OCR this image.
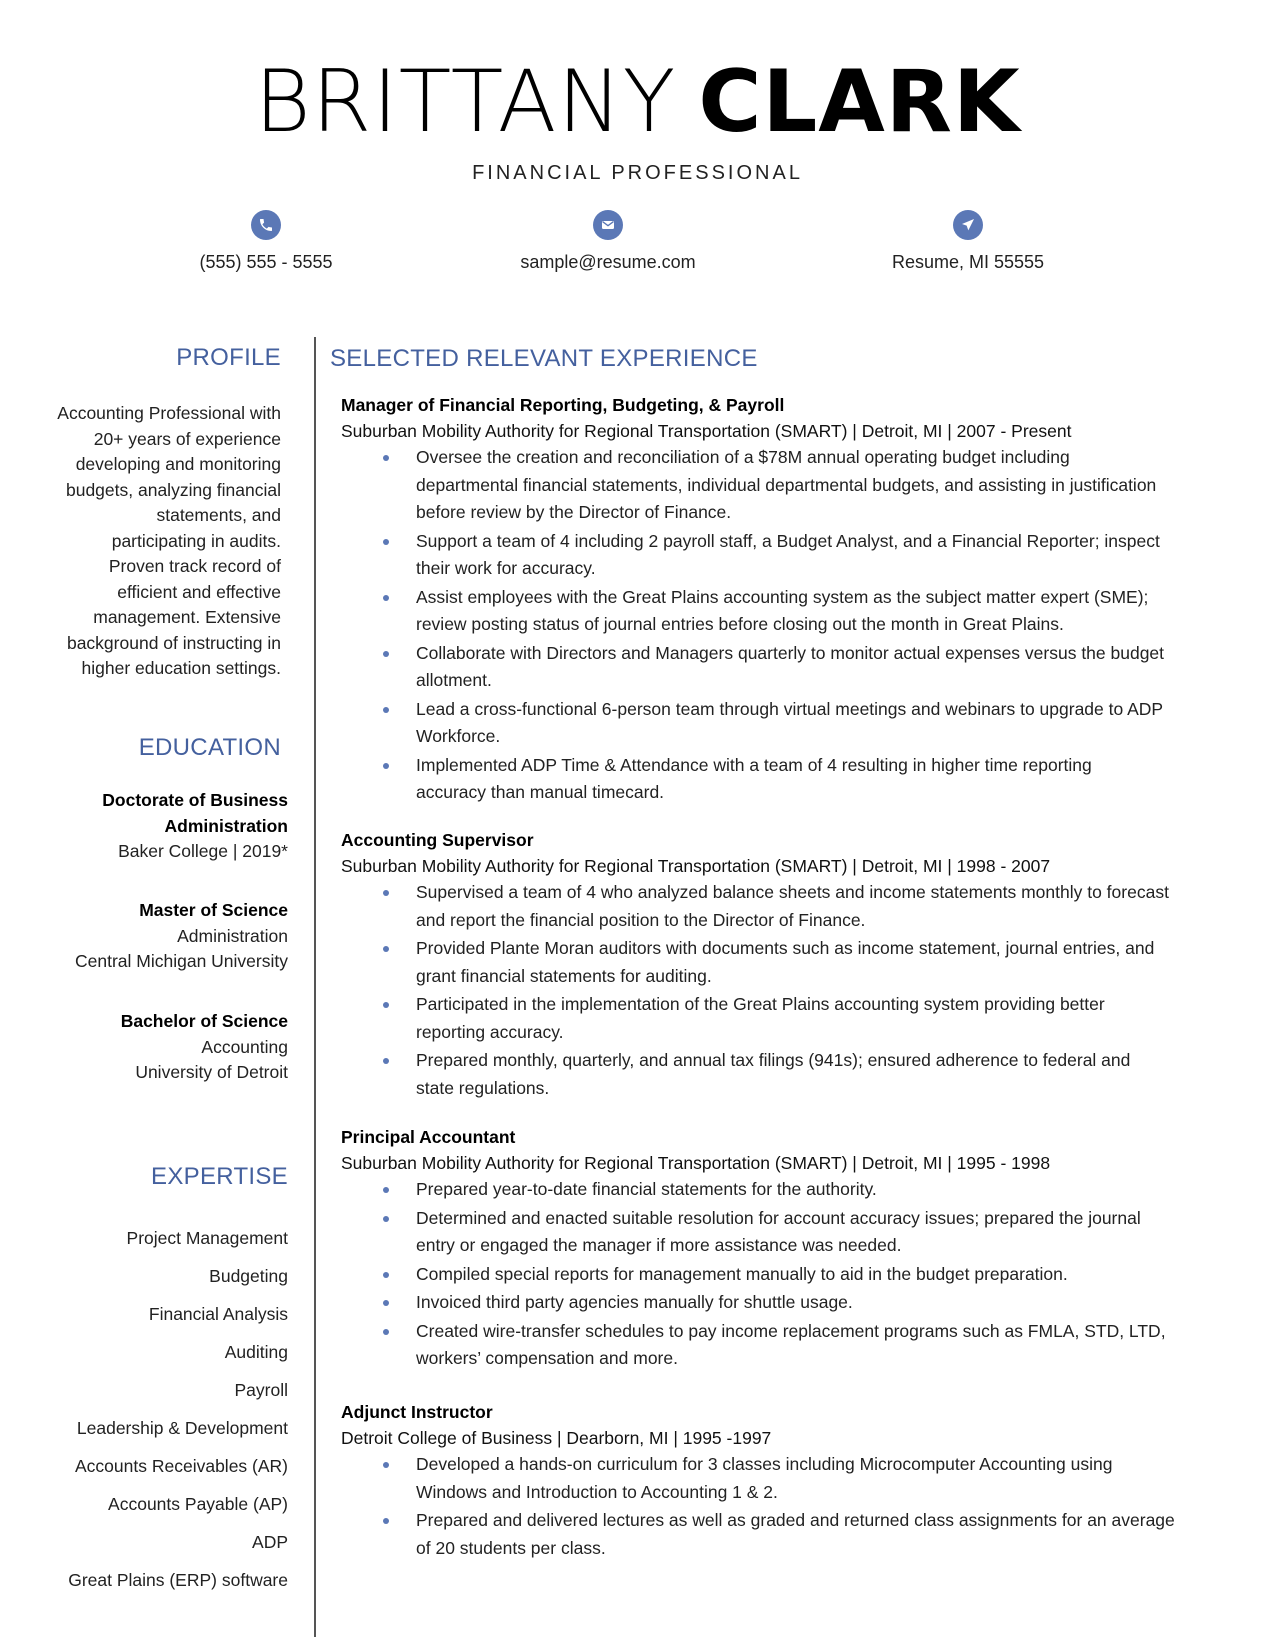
BRITTANY CLARK
FINANCIAL PROFESSIONAL
(555) 555 - 5555	sample@resume.com	Resume, MI 55555
PROFILE
Accounting Professional with
20+ years of experience
developing and monitoring
budgets, analyzing financial
statements, and
participating in audits.
Proven track record of
efficient and effective
management. Extensive
background of instructing in
higher education settings.
EDUCATION
Doctorate of Business
Administration
Baker College | 2019*
Master of Science
Administration
Central Michigan University
Bachelor of Science
Accounting
University of Detroit
EXPERTISE
Project Management
Budgeting
Financial Analysis
Auditing
Payroll
Leadership & Development
Accounts Receivables (AR)
Accounts Payable (AP)
ADP
Great Plains (ERP) software
SELECTED RELEVANT EXPERIENCE
Manager of Financial Reporting, Budgeting, & Payroll
Suburban Mobility Authority for Regional Transportation (SMART) | Detroit, MI | 2007 - Present
Oversee the creation and reconciliation of a $78M annual operating budget including
departmental financial statements, individual departmental budgets, and assisting in justification
before review by the Director of Finance.
Support a team of 4 including 2 payroll staff, a Budget Analyst, and a Financial Reporter; inspect
their work for accuracy.
Assist employees with the Great Plains accounting system as the subject matter expert (SME);
review posting status of journal entries before closing out the month in Great Plains.
Collaborate with Directors and Managers quarterly to monitor actual expenses versus the budget
allotment.
Lead a cross-functional 6-person team through virtual meetings and webinars to upgrade to ADP
Workforce.
Implemented ADP Time & Attendance with a team of 4 resulting in higher time reporting
accuracy than manual timecard.
Accounting Supervisor
Suburban Mobility Authority for Regional Transportation (SMART) | Detroit, MI | 1998 - 2007
Supervised a team of 4 who analyzed balance sheets and income statements monthly to forecast
and report the financial position to the Director of Finance.
Provided Plante Moran auditors with documents such as income statement, journal entries, and
grant financial statements for auditing.
Participated in the implementation of the Great Plains accounting system providing better
reporting accuracy.
Prepared monthly, quarterly, and annual tax filings (941s); ensured adherence to federal and
state regulations.
Principal Accountant
Suburban Mobility Authority for Regional Transportation (SMART) | Detroit, MI | 1995 - 1998
Prepared year-to-date financial statements for the authority.
Determined and enacted suitable resolution for account accuracy issues; prepared the journal
entry or engaged the manager if more assistance was needed.
Compiled special reports for management manually to aid in the budget preparation.
Invoiced third party agencies manually for shuttle usage.
Created wire-transfer schedules to pay income replacement programs such as FMLA, STD, LTD,
workers’ compensation and more.
Adjunct Instructor
Detroit College of Business | Dearborn, MI | 1995 -1997
Developed a hands-on curriculum for 3 classes including Microcomputer Accounting using
Windows and Introduction to Accounting 1 & 2.
Prepared and delivered lectures as well as graded and returned class assignments for an average
of 20 students per class.
